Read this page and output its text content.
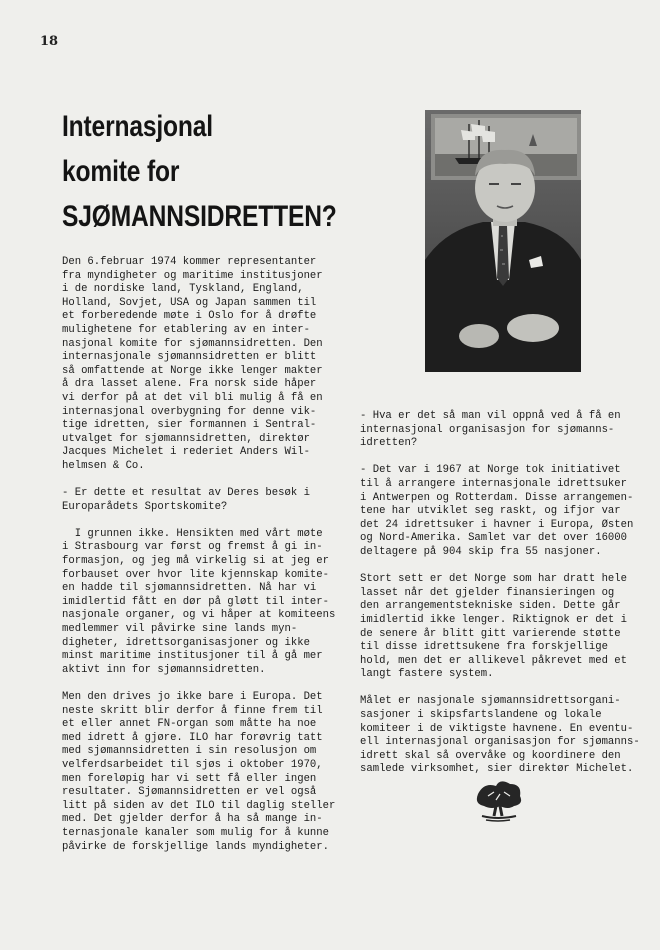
18
Internasjonal
komite for
SJØMANNSIDRETTEN?

Den 6.februar 1974 kommer representanter
fra myndigheter og maritime institusjoner
i de nordiske land, Tyskland, England,
Holland, Sovjet, USA og Japan sammen til
et forberedende møte i Oslo for å drøfte
mulighetene for etablering av en inter-
nasjonal komite for sjømannsidretten. Den
internasjonale sjømannsidretten er blitt
så omfattende at Norge ikke lenger makter
å dra lasset alene. Fra norsk side håper
vi derfor på at det vil bli mulig å få en
internasjonal overbygning for denne vik-
tige idretten, sier formannen i Sentral-
utvalget for sjømannsidretten, direktør
Jacques Michelet i rederiet Anders Wil-
helmsen & Co.

- Er dette et resultat av Deres besøk i
Europarådets Sportskomite?

I grunnen ikke. Hensikten med vårt møte
i Strasbourg var først og fremst å gi in-
formasjon, og jeg må virkelig si at jeg er
forbauset over hvor lite kjennskap komite-
en hadde til sjømannsidretten. Nå har vi
imidlertid fått en dør på gløtt til inter-
nasjonale organer, og vi håper at komiteens
medlemmer vil påvirke sine lands myn-
digheter, idrettsorganisasjoner og ikke
minst maritime institusjoner til å gå mer
aktivt inn for sjømannsidretten.

Men den drives jo ikke bare i Europa. Det
neste skritt blir derfor å finne frem til
et eller annet FN-organ som måtte ha noe
med idrett å gjøre. ILO har forøvrig tatt
med sjømannsidretten i sin resolusjon om
velferdsarbeidet til sjøs i oktober 1970,
men foreløpig har vi sett få eller ingen
resultater. Sjømannsidretten er vel også
litt på siden av det ILO til daglig steller
med. Det gjelder derfor å ha så mange in-
ternasjonale kanaler som mulig for å kunne
påvirke de forskjellige lands myndigheter.

- Hva er det så man vil oppnå ved å få en
internasjonal organisasjon for sjømanns-
idretten?

- Det var i 1967 at Norge tok initiativet
til å arrangere internasjonale idrettsuker
i Antwerpen og Rotterdam. Disse arrangemen-
tene har utviklet seg raskt, og ifjor var
det 24 idrettsuker i havner i Europa, Østen
og Nord-Amerika. Samlet var det over 16000
deltagere på 904 skip fra 55 nasjoner.

Stort sett er det Norge som har dratt hele
lasset når det gjelder finansieringen og
den arrangementstekniske siden. Dette går
imidlertid ikke lenger. Riktignok er det i
de senere år blitt gitt varierende støtte
til disse idrettsukene fra forskjellige
hold, men det er allikevel påkrevet med et
langt fastere system.

Målet er nasjonale sjømannsidrettsorgani-
sasjoner i skipsfartslandene og lokale
komiteer i de viktigste havnene. En eventu-
ell internasjonal organisasjon for sjømanns-
idrett skal så overvåke og koordinere den
samlede virksomhet, sier direktør Michelet.
